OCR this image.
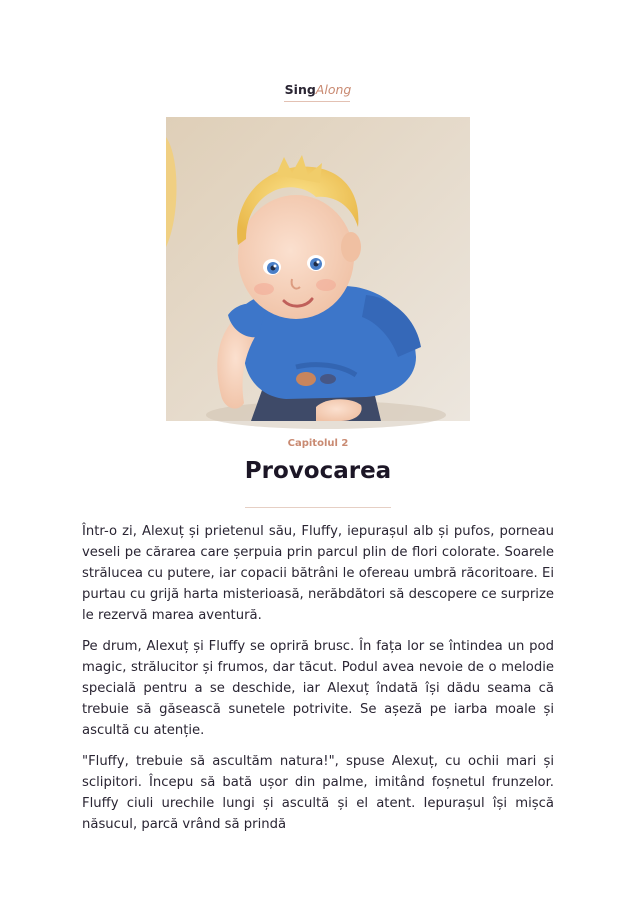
SingAlong
Capitolul 2
Provocarea

Într-o zi, Alexuț și prietenul său, Fluffy, iepurașul alb și pufos, porneau veseli pe cărarea care șerpuia prin parcul plin de flori colorate. Soarele strălucea cu putere, iar copacii bătrâni le ofereau umbră răcoritoare. Ei purtau cu grijă harta misterioasă, nerăbdători să descopere ce surprize le rezervă marea aventură.

Pe drum, Alexuț și Fluffy se opriră brusc. În fața lor se întindea un pod magic, strălucitor și frumos, dar tăcut. Podul avea nevoie de o melodie specială pentru a se deschide, iar Alexuț îndată își dădu seama că trebuie să găsească sunetele potrivite. Se așeză pe iarba moale și ascultă cu atenție.

"Fluffy, trebuie să ascultăm natura!", spuse Alexuț, cu ochii mari și sclipitori. Începu să bată ușor din palme, imitând foșnetul frunzelor. Fluffy ciuli urechile lungi și ascultă și el atent. Iepurașul își mișcă năsucul, parcă vrând să prindă
